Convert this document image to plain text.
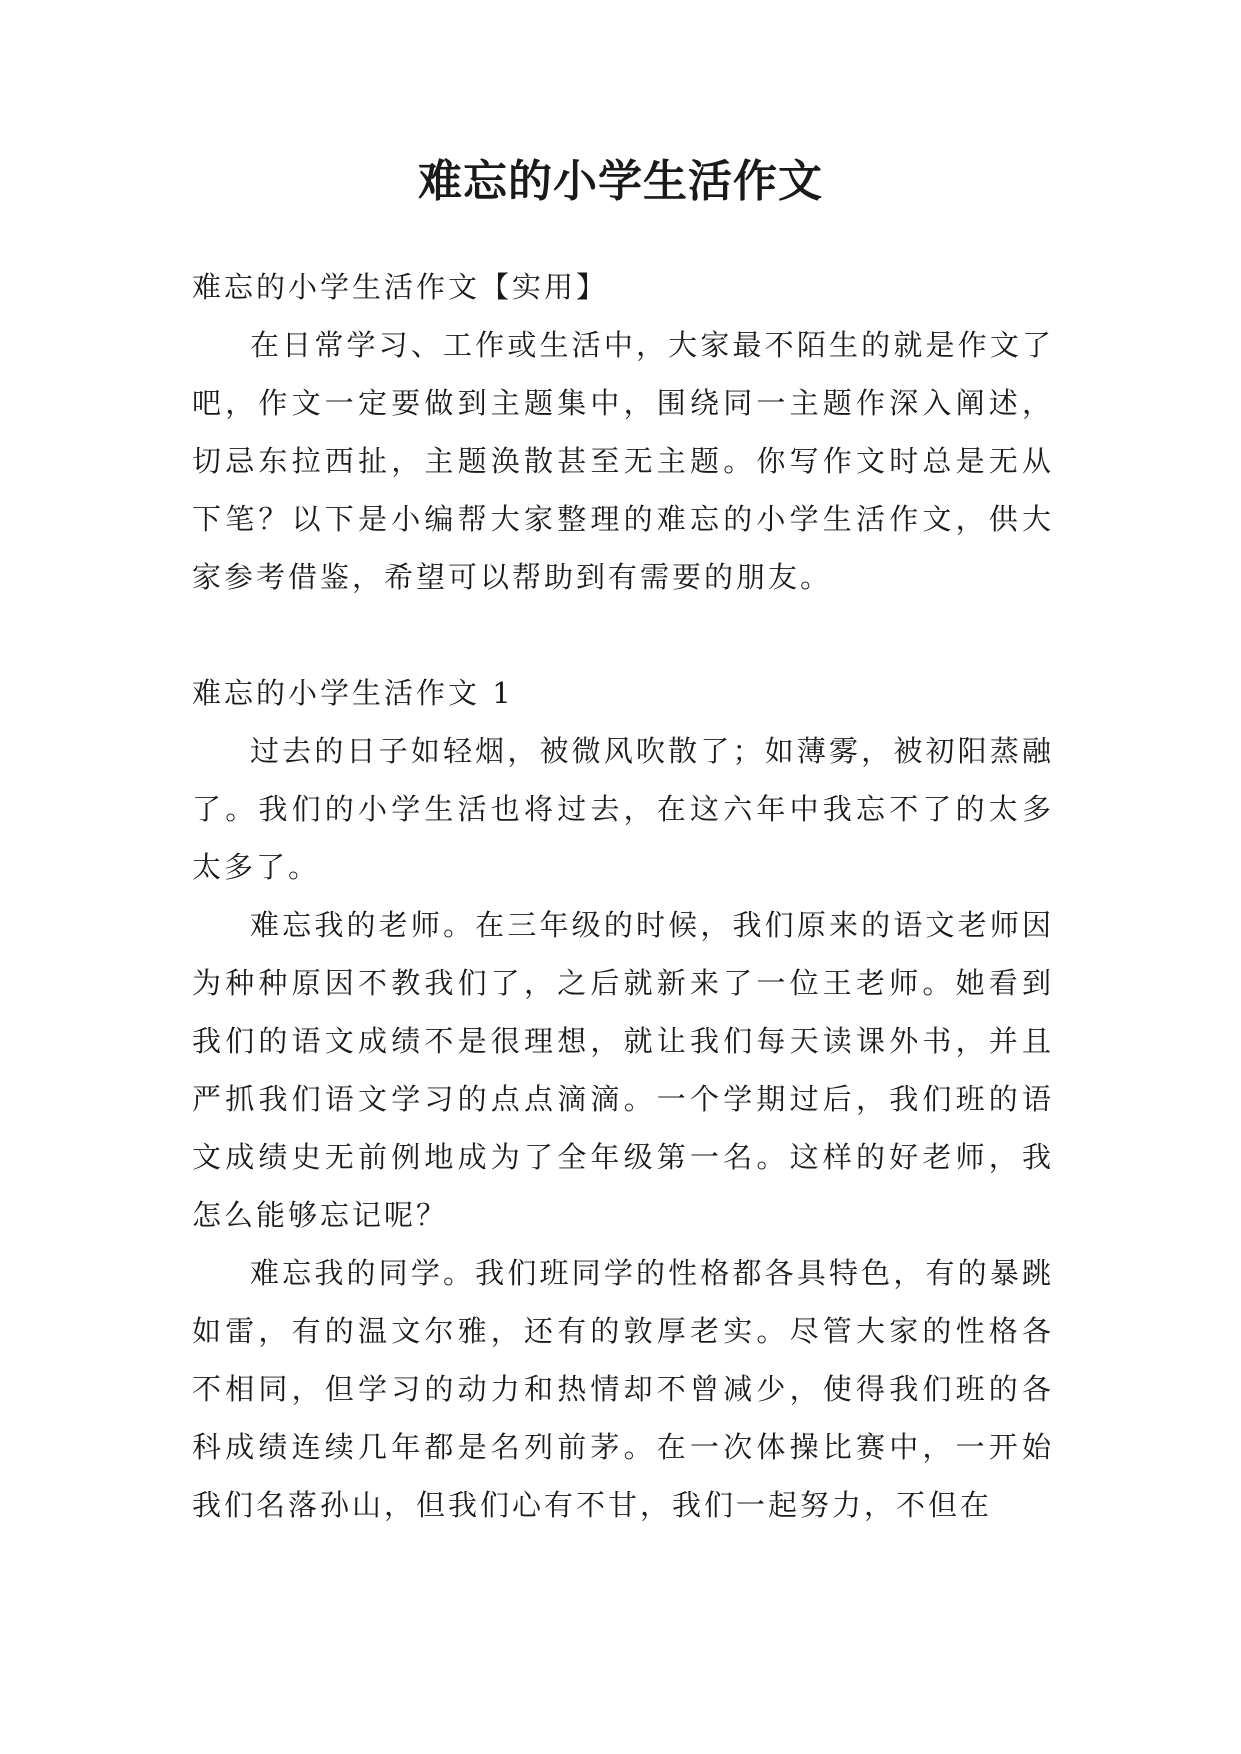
难忘的小学生活作文

难忘的小学生活作文【实用】

在日常学习、工作或生活中，大家最不陌生的就是作文了吧，作文一定要做到主题集中，围绕同一主题作深入阐述，切忌东拉西扯，主题涣散甚至无主题。你写作文时总是无从下笔？以下是小编帮大家整理的难忘的小学生活作文，供大家参考借鉴，希望可以帮助到有需要的朋友。

难忘的小学生活作文 1

过去的日子如轻烟，被微风吹散了；如薄雾，被初阳蒸融了。我们的小学生活也将过去，在这六年中我忘不了的太多太多了。

难忘我的老师。在三年级的时候，我们原来的语文老师因为种种原因不教我们了，之后就新来了一位王老师。她看到我们的语文成绩不是很理想，就让我们每天读课外书，并且严抓我们语文学习的点点滴滴。一个学期过后，我们班的语文成绩史无前例地成为了全年级第一名。这样的好老师，我怎么能够忘记呢？

难忘我的同学。我们班同学的性格都各具特色，有的暴跳如雷，有的温文尔雅，还有的敦厚老实。尽管大家的性格各不相同，但学习的动力和热情却不曾减少，使得我们班的各科成绩连续几年都是名列前茅。在一次体操比赛中，一开始我们名落孙山，但我们心有不甘，我们一起努力，不但在
